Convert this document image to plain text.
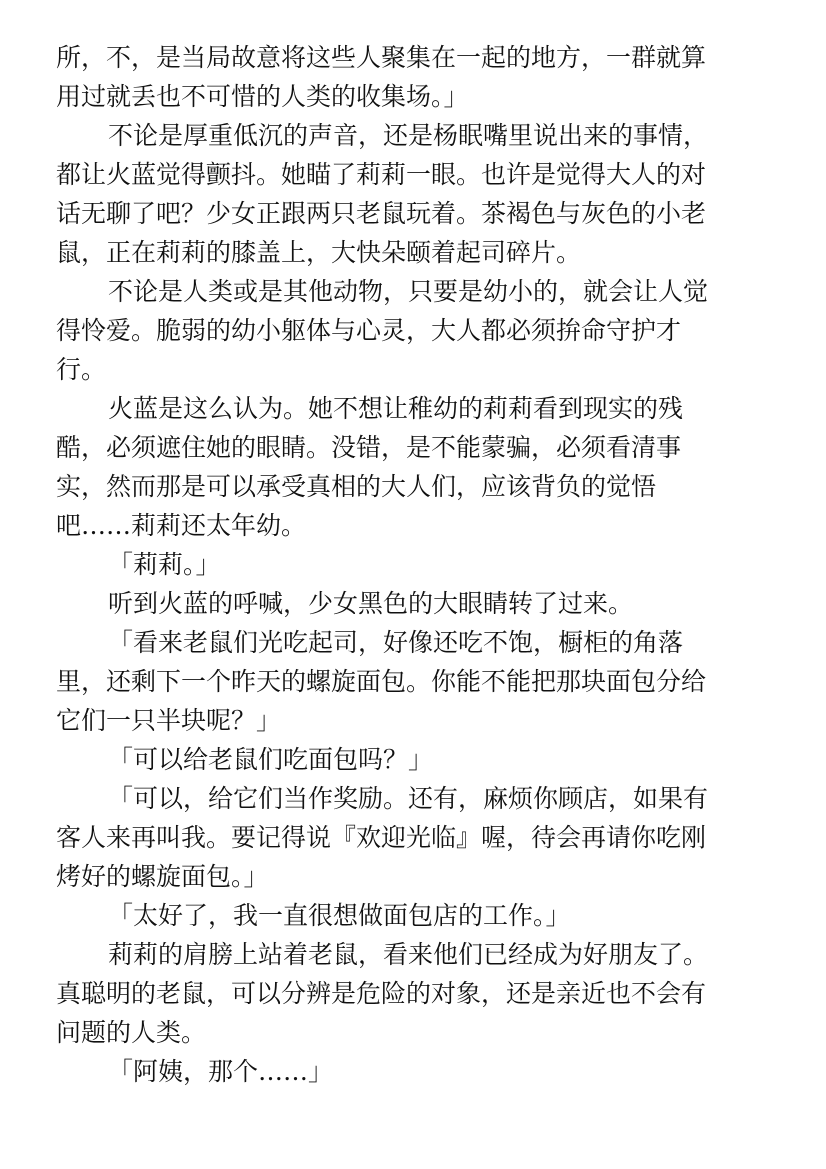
所，不，是当局故意将这些人聚集在一起的地方，一群就算
用过就丢也不可惜的人类的收集场。」
不论是厚重低沉的声音，还是杨眠嘴里说出来的事情，
都让火蓝觉得颤抖。她瞄了莉莉一眼。也许是觉得大人的对
话无聊了吧？少女正跟两只老鼠玩着。茶褐色与灰色的小老
鼠，正在莉莉的膝盖上，大快朵颐着起司碎片。
不论是人类或是其他动物，只要是幼小的，就会让人觉
得怜爱。脆弱的幼小躯体与心灵，大人都必须拚命守护才
行。
火蓝是这么认为。她不想让稚幼的莉莉看到现实的残
酷，必须遮住她的眼睛。没错，是不能蒙骗，必须看清事
实，然而那是可以承受真相的大人们，应该背负的觉悟
吧……莉莉还太年幼。
「莉莉。」
听到火蓝的呼喊，少女黑色的大眼睛转了过来。
「看来老鼠们光吃起司，好像还吃不饱，橱柜的角落
里，还剩下一个昨天的螺旋面包。你能不能把那块面包分给
它们一只半块呢？」
「可以给老鼠们吃面包吗？」
「可以，给它们当作奖励。还有，麻烦你顾店，如果有
客人来再叫我。要记得说『欢迎光临』喔，待会再请你吃刚
烤好的螺旋面包。」
「太好了，我一直很想做面包店的工作。」
莉莉的肩膀上站着老鼠，看来他们已经成为好朋友了。
真聪明的老鼠，可以分辨是危险的对象，还是亲近也不会有
问题的人类。
「阿姨，那个……」
